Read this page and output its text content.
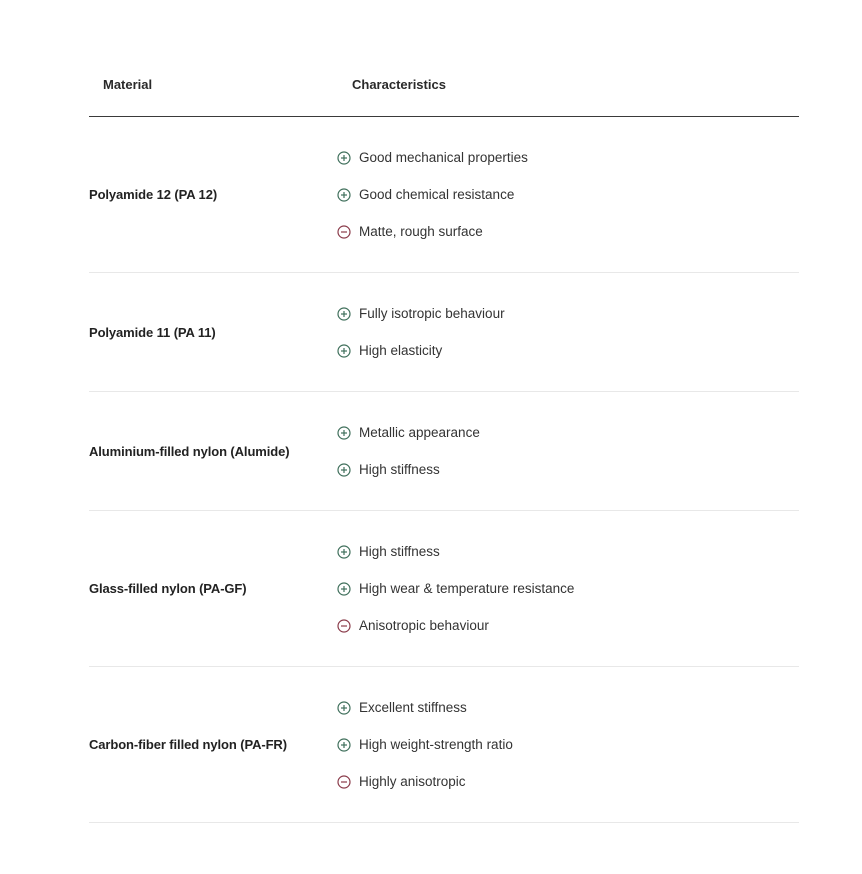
Material	Characteristics
Polyamide 12 (PA 12)
Good mechanical properties
Good chemical resistance
Matte, rough surface
Polyamide 11 (PA 11)
Fully isotropic behaviour
High elasticity
Aluminium-filled nylon (Alumide)
Metallic appearance
High stiffness
Glass-filled nylon (PA-GF)
High stiffness
High wear & temperature resistance
Anisotropic behaviour
Carbon-fiber filled nylon (PA-FR)
Excellent stiffness
High weight-strength ratio
Highly anisotropic
